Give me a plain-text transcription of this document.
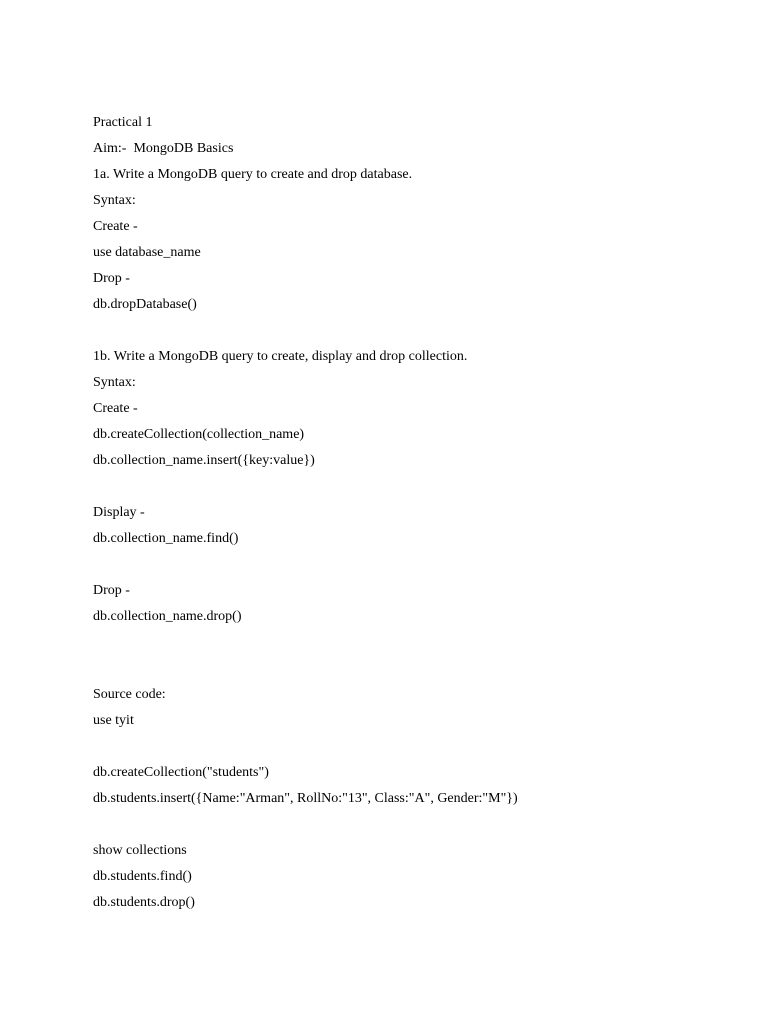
Practical 1
Aim:-  MongoDB Basics
1a. Write a MongoDB query to create and drop database.
Syntax:
Create -
use database_name
Drop -
db.dropDatabase()
1b. Write a MongoDB query to create, display and drop collection.
Syntax:
Create -
db.createCollection(collection_name)
db.collection_name.insert({key:value})
Display -
db.collection_name.find()
Drop -
db.collection_name.drop()
Source code:
use tyit
db.createCollection("students")
db.students.insert({Name:"Arman", RollNo:"13", Class:"A", Gender:"M"})
show collections
db.students.find()
db.students.drop()
